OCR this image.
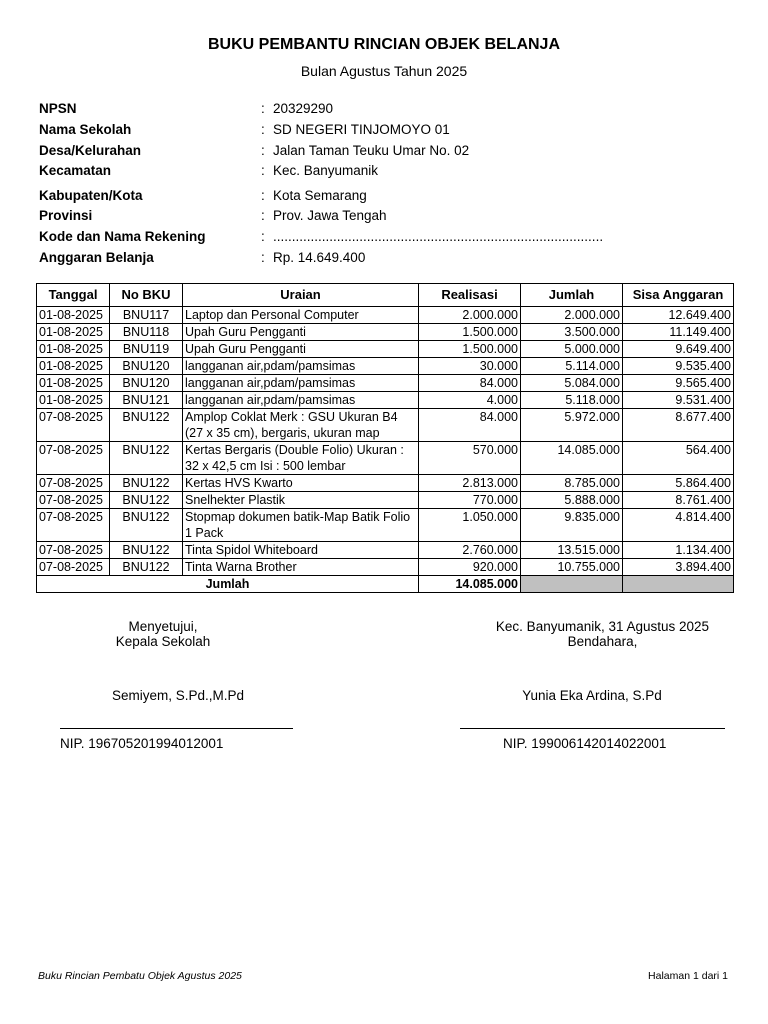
BUKU PEMBANTU RINCIAN OBJEK BELANJA
Bulan Agustus Tahun 2025
NPSN	: 20329290
Nama Sekolah	: SD NEGERI TINJOMOYO 01
Desa/Kelurahan	: Jalan Taman Teuku Umar No. 02
Kecamatan	: Kec. Banyumanik
Kabupaten/Kota	: Kota Semarang
Provinsi	: Prov. Jawa Tengah
Kode dan Nama Rekening	: ........................................................................................
Anggaran Belanja	: Rp. 14.649.400
Tanggal	No BKU	Uraian	Realisasi	Jumlah	Sisa Anggaran
01-08-2025	BNU117	Laptop dan Personal Computer	2.000.000	2.000.000	12.649.400
01-08-2025	BNU118	Upah Guru Pengganti	1.500.000	3.500.000	11.149.400
01-08-2025	BNU119	Upah Guru Pengganti	1.500.000	5.000.000	9.649.400
01-08-2025	BNU120	langganan air,pdam/pamsimas	30.000	5.114.000	9.535.400
01-08-2025	BNU120	langganan air,pdam/pamsimas	84.000	5.084.000	9.565.400
01-08-2025	BNU121	langganan air,pdam/pamsimas	4.000	5.118.000	9.531.400
07-08-2025	BNU122	Amplop Coklat Merk : GSU Ukuran B4 (27 x 35 cm), bergaris, ukuran map	84.000	5.972.000	8.677.400
07-08-2025	BNU122	Kertas Bergaris (Double Folio) Ukuran : 32 x 42,5 cm Isi : 500 lembar	570.000	14.085.000	564.400
07-08-2025	BNU122	Kertas HVS Kwarto	2.813.000	8.785.000	5.864.400
07-08-2025	BNU122	Snelhekter Plastik	770.000	5.888.000	8.761.400
07-08-2025	BNU122	Stopmap dokumen batik-Map Batik Folio 1 Pack	1.050.000	9.835.000	4.814.400
07-08-2025	BNU122	Tinta Spidol Whiteboard	2.760.000	13.515.000	1.134.400
07-08-2025	BNU122	Tinta Warna Brother	920.000	10.755.000	3.894.400
Jumlah			14.085.000		
Menyetujui,
Kepala Sekolah
Semiyem, S.Pd.,M.Pd
NIP. 196705201994012001
Kec. Banyumanik, 31 Agustus 2025
Bendahara,
Yunia Eka Ardina, S.Pd
NIP. 199006142014022001
Buku Rincian Pembatu Objek Agustus 2025	Halaman 1 dari 1
